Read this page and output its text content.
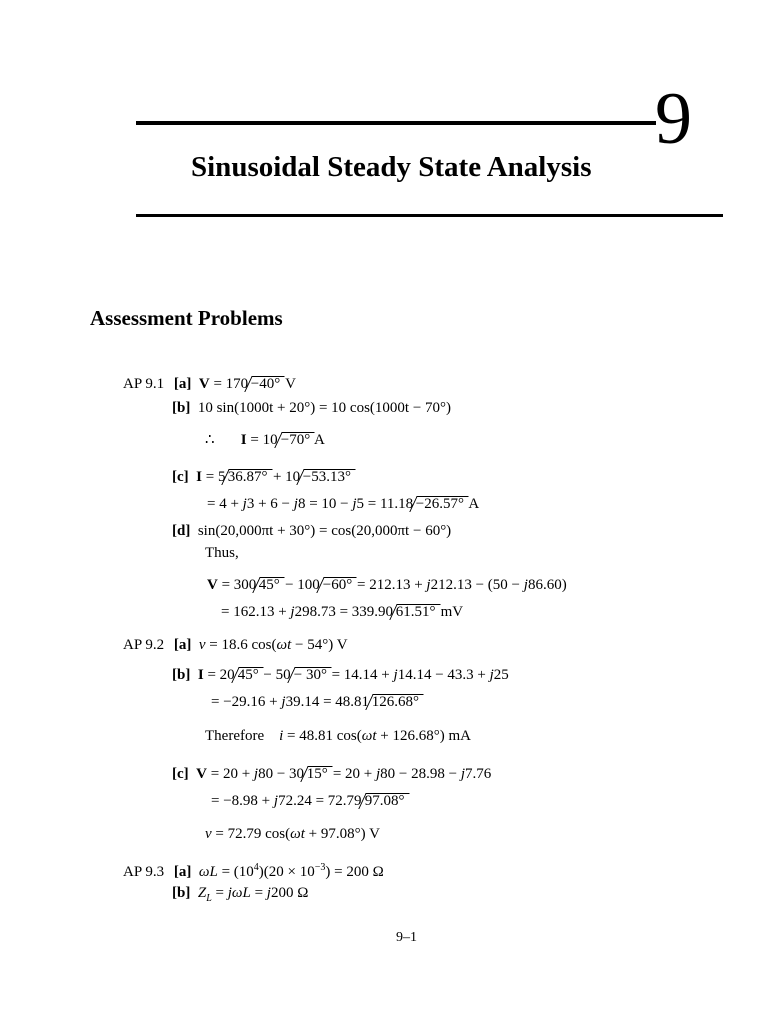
9
Sinusoidal Steady State Analysis
Assessment Problems
AP 9.1 [a] V = 170 −40° V
[b] 10 sin(1000t + 20°) = 10 cos(1000t − 70°)
∴       I = 10 −70° A
[c] I = 5 36.87° + 10 −53.13°
= 4 + j3 + 6 − j8 = 10 − j5 = 11.18 −26.57° A
[d] sin(20,000πt + 30°) = cos(20,000πt − 60°)
Thus,
V = 300 45° − 100 −60° = 212.13 + j212.13 − (50 − j86.60)
= 162.13 + j298.73 = 339.90 61.51° mV
AP 9.2 [a] v = 18.6 cos(ωt − 54°) V
[b] I = 20 45° − 50 − 30° = 14.14 + j14.14 − 43.3 + j25
= −29.16 + j39.14 = 48.81 126.68°
Therefore    i = 48.81 cos(ωt + 126.68°) mA
[c] V = 20 + j80 − 30 15° = 20 + j80 − 28.98 − j7.76
= −8.98 + j72.24 = 72.79 97.08°
v = 72.79 cos(ωt + 97.08°) V
AP 9.3 [a] $\omega L = (10^4)(20 \times 10^{-3}) = 200$ Ω
[b] $Z_L = j\omega L = j200$ Ω
9–1
